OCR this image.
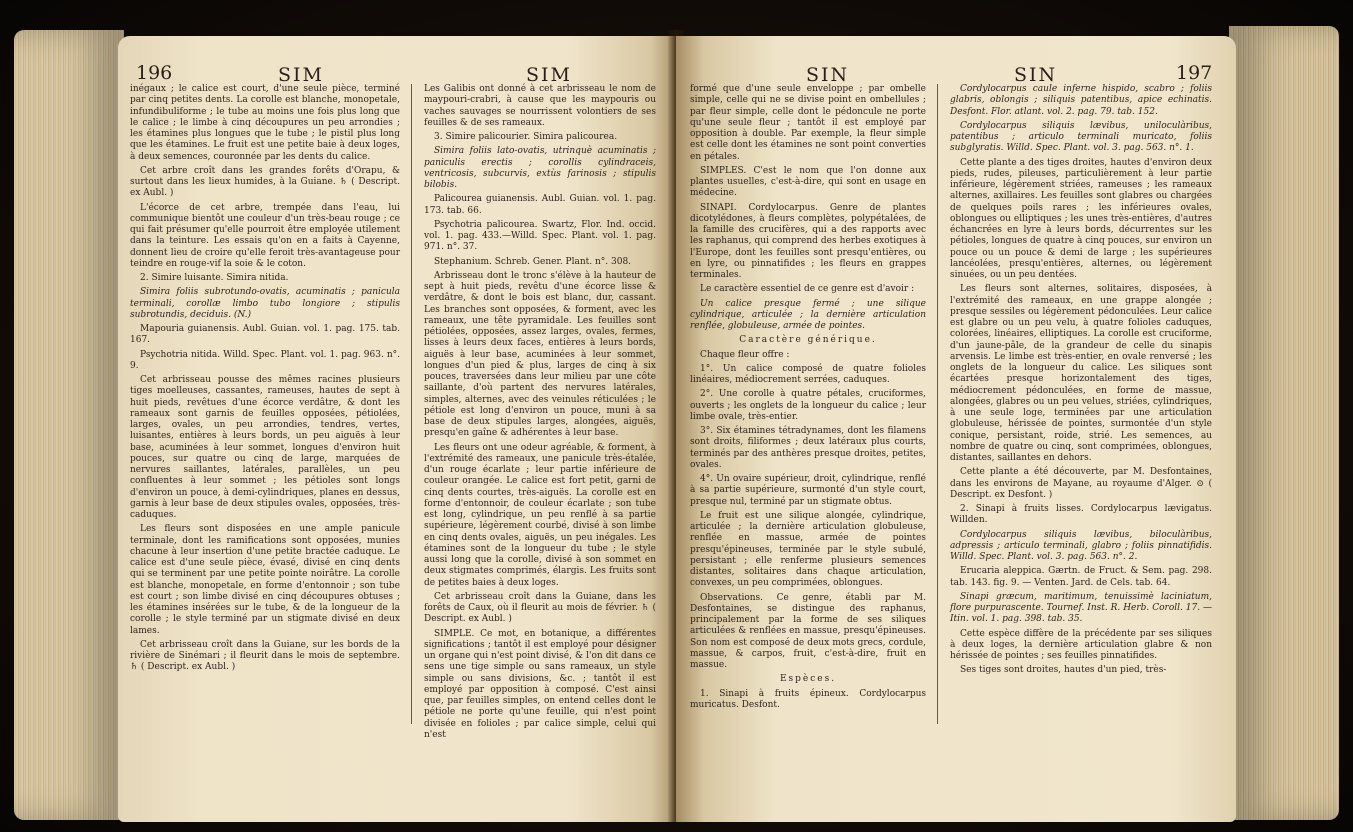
196	SIM	SIM

inégaux ; le calice est court, d'une seule pièce, terminé par cinq petites dents. La corolle est blanche, monopetale, infundibuliforme ; le tube au moins une fois plus long que le calice ; le limbe à cinq découpures un peu arrondies ; les étamines plus longues que le tube ; le pistil plus long que les étamines. Le fruit est une petite baie à deux loges, à deux semences, couronnée par les dents du calice.

Cet arbre croît dans les grandes forêts d'Orapu, & surtout dans les lieux humides, à la Guiane. ♄ ( Descript. ex Aubl. )

L'écorce de cet arbre, trempée dans l'eau, lui communique bientôt une couleur d'un très-beau rouge ; ce qui fait présumer qu'elle pourroit être employée utilement dans la teinture. Les essais qu'on en a faits à Cayenne, donnent lieu de croire qu'elle feroit très-avantageuse pour teindre en rouge-vif la soie & le coton.

2. Simire luisante. Simira nitida.

Simira foliis subrotundo-ovatis, acuminatis ; panicula terminali, corollæ limbo tubo longiore ; stipulis subrotundis, deciduis. (N.)

Mapouria guianensis. Aubl. Guian. vol. 1. pag. 175. tab. 167.

Psychotria nitida. Willd. Spec. Plant. vol. 1. pag. 963. n°. 9.

Cet arbrisseau pousse des mêmes racines plusieurs tiges moelleuses, cassantes, rameuses, hautes de sept à huit pieds, revêtues d'une écorce verdâtre, & dont les rameaux sont garnis de feuilles opposées, pétiolées, larges, ovales, un peu arrondies, tendres, vertes, luisantes, entières à leurs bords, un peu aiguës à leur base, acuminées à leur sommet, longues d'environ huit pouces, sur quatre ou cinq de large, marquées de nervures saillantes, latérales, parallèles, un peu confluentes à leur sommet ; les pétioles sont longs d'environ un pouce, à demi-cylindriques, planes en dessus, garnis à leur base de deux stipules ovales, opposées, très-caduques.

Les fleurs sont disposées en une ample panicule terminale, dont les ramifications sont opposées, munies chacune à leur insertion d'une petite bractée caduque. Le calice est d'une seule pièce, évasé, divisé en cinq dents qui se terminent par une petite pointe noirâtre. La corolle est blanche, monopetale, en forme d'entonnoir ; son tube est court ; son limbe divisé en cinq découpures obtuses ; les étamines insérées sur le tube, & de la longueur de la corolle ; le style terminé par un stigmate divisé en deux lames.

Cet arbrisseau croît dans la Guiane, sur les bords de la rivière de Sinémari ; il fleurit dans le mois de septembre. ♄ ( Descript. ex Aubl. )

Les Galibis ont donné à cet arbrisseau le nom de maypouri-crabri, à cause que les maypouris ou vaches sauvages se nourrissent volontiers de ses feuilles & de ses rameaux.

3. Simire palicourier. Simira palicourea.

Simira foliis lato-ovatis, utrinquè acuminatis ; paniculis erectis ; corollis cylindraceis, ventricosis, subcurvis, extùs farinosis ; stipulis bilobis.

Palicourea guianensis. Aubl. Guian. vol. 1. pag. 173. tab. 66.

Psychotria palicourea. Swartz, Flor. Ind. occid. vol. 1. pag. 433.—Willd. Spec. Plant. vol. 1. pag. 971. n°. 37.

Stephanium. Schreb. Gener. Plant. n°. 308.

Arbrisseau dont le tronc s'élève à la hauteur de sept à huit pieds, revêtu d'une écorce lisse & verdâtre, & dont le bois est blanc, dur, cassant. Les branches sont opposées, & forment, avec les rameaux, une tête pyramidale. Les feuilles sont pétiolées, opposées, assez larges, ovales, fermes, lisses à leurs deux faces, entières à leurs bords, aiguës à leur base, acuminées à leur sommet, longues d'un pied & plus, larges de cinq à six pouces, traversées dans leur milieu par une côte saillante, d'où partent des nervures latérales, simples, alternes, avec des veinules réticulées ; le pétiole est long d'environ un pouce, muni à sa base de deux stipules larges, alongées, aiguës, presqu'en gaîne & adhérentes à leur base.

Les fleurs ont une odeur agréable, & forment, à l'extrémité des rameaux, une panicule très-étalée, d'un rouge écarlate ; leur partie inférieure de couleur orangée. Le calice est fort petit, garni de cinq dents courtes, très-aiguës. La corolle est en forme d'entonnoir, de couleur écarlate ; son tube est long, cylindrique, un peu renflé à sa partie supérieure, légèrement courbé, divisé à son limbe en cinq dents ovales, aiguës, un peu inégales. Les étamines sont de la longueur du tube ; le style aussi long que la corolle, divisé à son sommet en deux stigmates comprimés, élargis. Les fruits sont de petites baies à deux loges.

Cet arbrisseau croît dans la Guiane, dans les forêts de Caux, où il fleurit au mois de février. ♄ ( Descript. ex Aubl. )

SIMPLE. Ce mot, en botanique, a différentes significations ; tantôt il est employé pour désigner un organe qui n'est point divisé, & l'on dit dans ce sens une tige simple ou sans rameaux, un style simple ou sans divisions, &c. ; tantôt il est employé par opposition à composé. C'est ainsi que, par feuilles simples, on entend celles dont le pétiole ne porte qu'une feuille, qui n'est point divisée en folioles ; par calice simple, celui qui n'est

SIN	SIN	197

formé que d'une seule enveloppe ; par ombelle simple, celle qui ne se divise point en ombellules ; par fleur simple, celle dont le pédoncule ne porte qu'une seule fleur ; tantôt il est employé par opposition à double. Par exemple, la fleur simple est celle dont les étamines ne sont point converties en pétales.

SIMPLES. C'est le nom que l'on donne aux plantes usuelles, c'est-à-dire, qui sont en usage en médecine.

SINAPI. Cordylocarpus. Genre de plantes dicotylédones, à fleurs complètes, polypétalées, de la famille des crucifères, qui a des rapports avec les raphanus, qui comprend des herbes exotiques à l'Europe, dont les feuilles sont presqu'entières, ou en lyre, ou pinnatifides ; les fleurs en grappes terminales.

Le caractère essentiel de ce genre est d'avoir :

Un calice presque fermé ; une silique cylindrique, articulée ; la dernière articulation renflée, globuleuse, armée de pointes.

Caractère générique.

Chaque fleur offre :

1°. Un calice composé de quatre folioles linéaires, médiocrement serrées, caduques.

2°. Une corolle à quatre pétales, cruciformes, ouverts ; les onglets de la longueur du calice ; leur limbe ovale, très-entier.

3°. Six étamines tétradynames, dont les filamens sont droits, filiformes ; deux latéraux plus courts, terminés par des anthères presque droites, petites, ovales.

4°. Un ovaire supérieur, droit, cylindrique, renflé à sa partie supérieure, surmonté d'un style court, presque nul, terminé par un stigmate obtus.

Le fruit est une silique alongée, cylindrique, articulée ; la dernière articulation globuleuse, renflée en massue, armée de pointes presqu'épineuses, terminée par le style subulé, persistant ; elle renferme plusieurs semences distantes, solitaires dans chaque articulation, convexes, un peu comprimées, oblongues.

Observations. Ce genre, établi par M. Desfontaines, se distingue des raphanus, principalement par la forme de ses siliques articulées & renflées en massue, presqu'épineuses. Son nom est composé de deux mots grecs, cordule, massue, & carpos, fruit, c'est-à-dire, fruit en massue.

Espèces.

1. Sinapi à fruits épineux. Cordylocarpus muricatus. Desfont.

Cordylocarpus caule inferne hispido, scabro ; foliis glabris, oblongis ; siliquis patentibus, apice echinatis. Desfont. Flor. atlant. vol. 2. pag. 79. tab. 152.

Cordylocarpus siliquis lævibus, uniloculàribus, patentibus ; articulo terminali muricato, foliis subglyratis. Willd. Spec. Plant. vol. 3. pag. 563. n°. 1.

Cette plante a des tiges droites, hautes d'environ deux pieds, rudes, pileuses, particulièrement à leur partie inférieure, légèrement striées, rameuses ; les rameaux alternes, axillaires. Les feuilles sont glabres ou chargées de quelques poils rares ; les inférieures ovales, oblongues ou elliptiques ; les unes très-entières, d'autres échancrées en lyre à leurs bords, décurrentes sur les pétioles, longues de quatre à cinq pouces, sur environ un pouce ou un pouce & demi de large ; les supérieures lancéolées, presqu'entières, alternes, ou légèrement sinuées, ou un peu dentées.

Les fleurs sont alternes, solitaires, disposées, à l'extrémité des rameaux, en une grappe alongée ; presque sessiles ou légèrement pédonculées. Leur calice est glabre ou un peu velu, à quatre folioles caduques, colorées, linéaires, elliptiques. La corolle est cruciforme, d'un jaune-pâle, de la grandeur de celle du sinapis arvensis. Le limbe est très-entier, en ovale renversé ; les onglets de la longueur du calice. Les siliques sont écartées presque horizontalement des tiges, médiocrement pédonculées, en forme de massue, alongées, glabres ou un peu velues, striées, cylindriques, à une seule loge, terminées par une articulation globuleuse, hérissée de pointes, surmontée d'un style conique, persistant, roide, strié. Les semences, au nombre de quatre ou cinq, sont comprimées, oblongues, distantes, saillantes en dehors.

Cette plante a été découverte, par M. Desfontaines, dans les environs de Mayane, au royaume d'Alger. ⊙ ( Descript. ex Desfont. )

2. Sinapi à fruits lisses. Cordylocarpus lævigatus. Willden.

Cordylocarpus siliquis lævibus, biloculàribus, adpressis ; articulo terminali, glabro ; foliis pinnatifidis. Willd. Spec. Plant. vol. 3. pag. 563. n°. 2.

Erucaria aleppica. Gærtn. de Fruct. & Sem. pag. 298. tab. 143. fig. 9. — Venten. Jard. de Cels. tab. 64.

Sinapi græcum, maritimum, tenuissimè laciniatum, flore purpurascente. Tournef. Inst. R. Herb. Coroll. 17. — Itin. vol. 1. pag. 398. tab. 35.

Cette espèce diffère de la précédente par ses siliques à deux loges, la dernière articulation glabre & non hérissée de pointes ; ses feuilles pinnatifides.

Ses tiges sont droites, hautes d'un pied, très-
